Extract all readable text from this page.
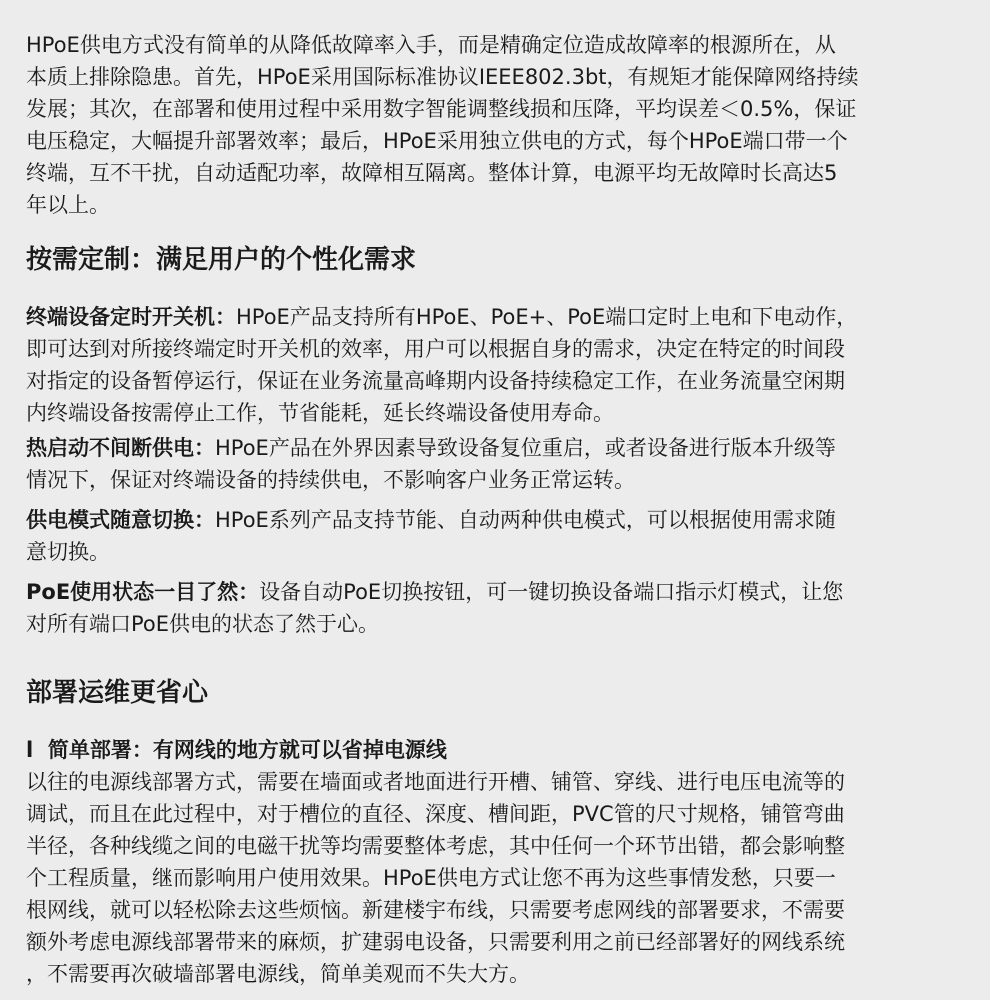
HPoE供电方式没有简单的从降低故障率入手，而是精确定位造成故障率的根源所在，从
本质上排除隐患。首先，HPoE采用国际标准协议IEEE802.3bt，有规矩才能保障网络持续
发展；其次，在部署和使用过程中采用数字智能调整线损和压降，平均误差＜0.5%，保证
电压稳定，大幅提升部署效率；最后，HPoE采用独立供电的方式，每个HPoE端口带一个
终端，互不干扰，自动适配功率，故障相互隔离。整体计算，电源平均无故障时长高达5
年以上。
按需定制：满足用户的个性化需求
终端设备定时开关机：HPoE产品支持所有HPoE、PoE+、PoE端口定时上电和下电动作，
即可达到对所接终端定时开关机的效率，用户可以根据自身的需求，决定在特定的时间段
对指定的设备暂停运行，保证在业务流量高峰期内设备持续稳定工作，在业务流量空闲期
内终端设备按需停止工作，节省能耗，延长终端设备使用寿命。
热启动不间断供电：HPoE产品在外界因素导致设备复位重启，或者设备进行版本升级等
情况下，保证对终端设备的持续供电，不影响客户业务正常运转。
供电模式随意切换：HPoE系列产品支持节能、自动两种供电模式，可以根据使用需求随
意切换。
PoE使用状态一目了然：设备自动PoE切换按钮，可一键切换设备端口指示灯模式，让您
对所有端口PoE供电的状态了然于心。
部署运维更省心
l  简单部署：有网线的地方就可以省掉电源线
以往的电源线部署方式，需要在墙面或者地面进行开槽、铺管、穿线、进行电压电流等的
调试，而且在此过程中，对于槽位的直径、深度、槽间距，PVC管的尺寸规格，铺管弯曲
半径，各种线缆之间的电磁干扰等均需要整体考虑，其中任何一个环节出错，都会影响整
个工程质量，继而影响用户使用效果。HPoE供电方式让您不再为这些事情发愁，只要一
根网线，就可以轻松除去这些烦恼。新建楼宇布线，只需要考虑网线的部署要求，不需要
额外考虑电源线部署带来的麻烦，扩建弱电设备，只需要利用之前已经部署好的网线系统
，不需要再次破墙部署电源线，简单美观而不失大方。
